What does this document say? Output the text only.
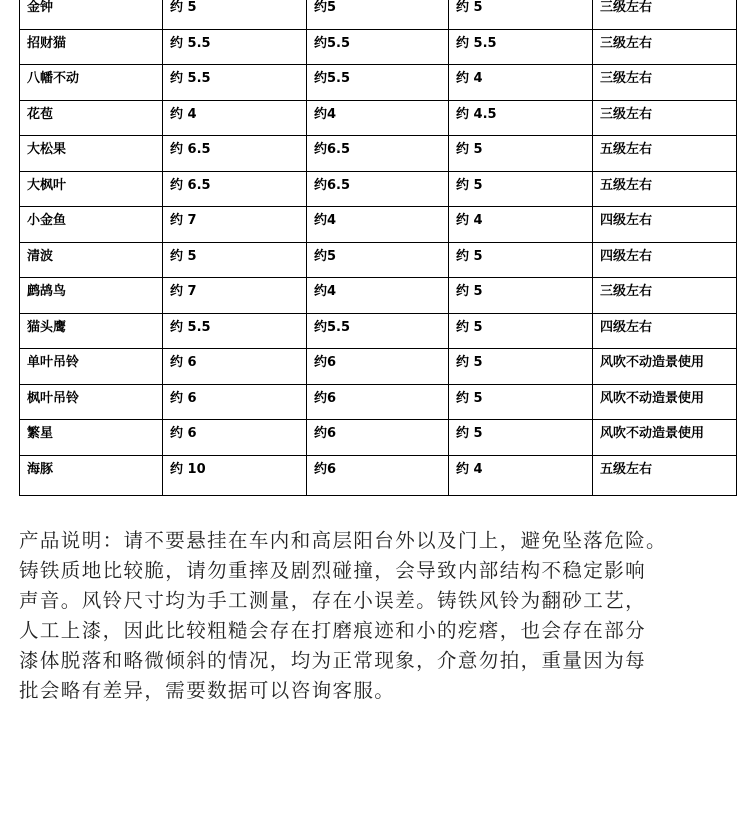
金钟	约 5	约5	约 5	三级左右
招财猫	约 5.5	约5.5	约 5.5	三级左右
八幡不动	约 5.5	约5.5	约 4	三级左右
花苞	约 4	约4	约 4.5	三级左右
大松果	约 6.5	约6.5	约 5	五级左右
大枫叶	约 6.5	约6.5	约 5	五级左右
小金鱼	约 7	约4	约 4	四级左右
清波	约 5	约5	约 5	四级左右
鹧鸪鸟	约 7	约4	约 5	三级左右
猫头鹰	约 5.5	约5.5	约 5	四级左右
单叶吊铃	约 6	约6	约 5	风吹不动造景使用
枫叶吊铃	约 6	约6	约 5	风吹不动造景使用
繁星	约 6	约6	约 5	风吹不动造景使用
海豚	约 10	约6	约 4	五级左右

产品说明：请不要悬挂在车内和高层阳台外以及门上，避免坠落危险。

铸铁质地比较脆，请勿重摔及剧烈碰撞，会导致内部结构不稳定影响

声音。风铃尺寸均为手工测量，存在小误差。铸铁风铃为翻砂工艺，

人工上漆，因此比较粗糙会存在打磨痕迹和小的疙瘩，也会存在部分

漆体脱落和略微倾斜的情况，均为正常现象，介意勿拍，重量因为每

批会略有差异，需要数据可以咨询客服。
